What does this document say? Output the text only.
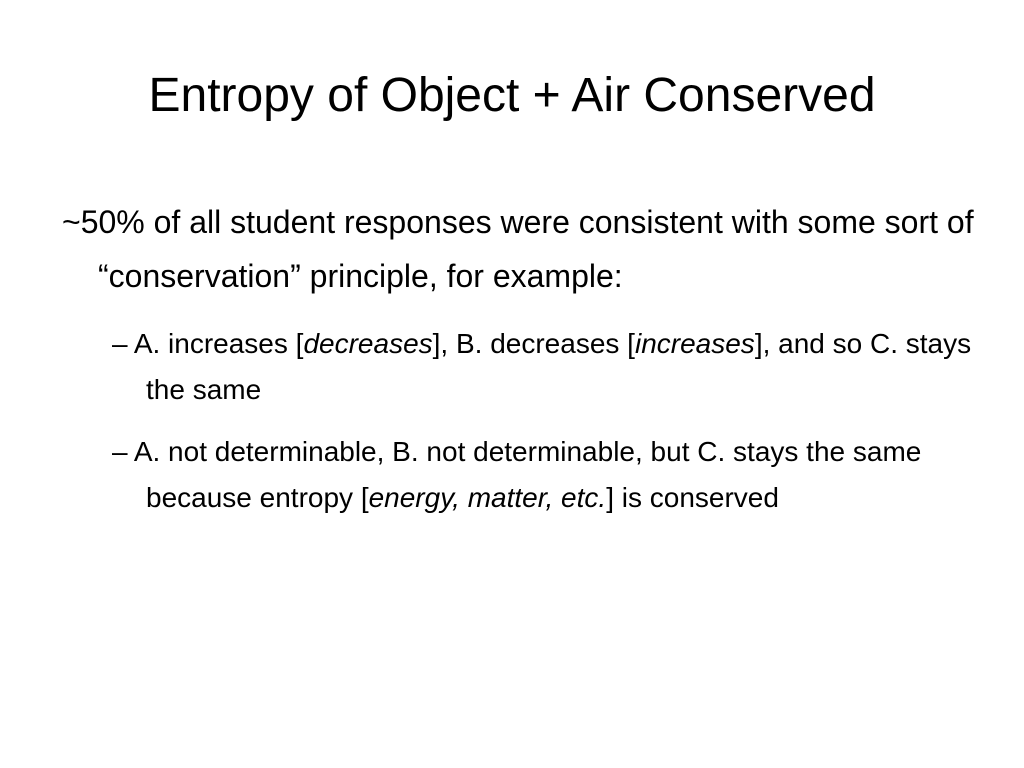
Entropy of Object + Air Conserved

~50% of all student responses were consistent with some sort of “conservation” principle, for example:

– A. increases [decreases], B. decreases [increases], and so C. stays the same
– A. not determinable, B. not determinable, but C. stays the same because entropy [energy, matter, etc.] is conserved
